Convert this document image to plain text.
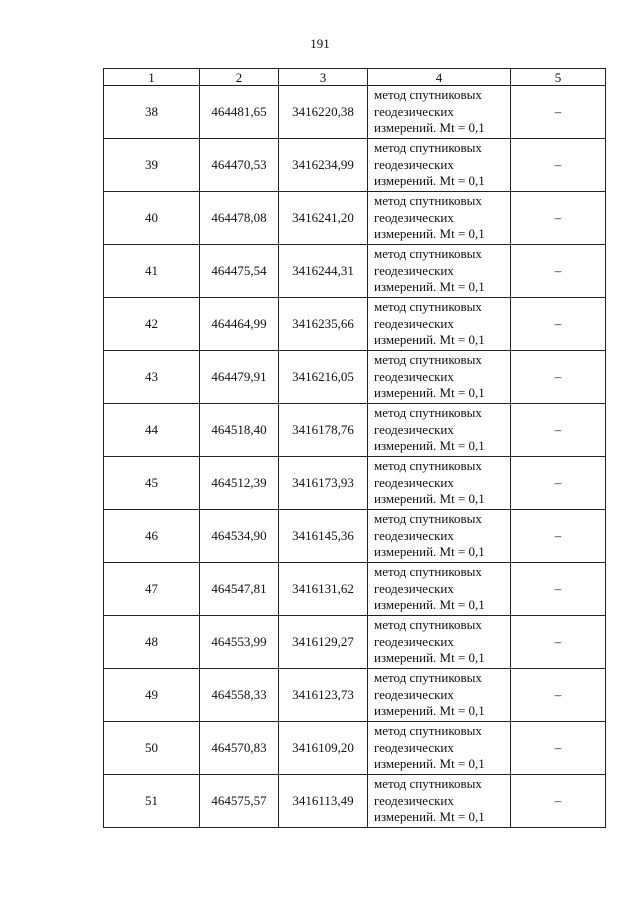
191
1	2	3	4	5
38	464481,65	3416220,38	метод спутниковых
геодезических
измерений. Mt = 0,1	–
39	464470,53	3416234,99	метод спутниковых
геодезических
измерений. Mt = 0,1	–
40	464478,08	3416241,20	метод спутниковых
геодезических
измерений. Mt = 0,1	–
41	464475,54	3416244,31	метод спутниковых
геодезических
измерений. Mt = 0,1	–
42	464464,99	3416235,66	метод спутниковых
геодезических
измерений. Mt = 0,1	–
43	464479,91	3416216,05	метод спутниковых
геодезических
измерений. Mt = 0,1	–
44	464518,40	3416178,76	метод спутниковых
геодезических
измерений. Mt = 0,1	–
45	464512,39	3416173,93	метод спутниковых
геодезических
измерений. Mt = 0,1	–
46	464534,90	3416145,36	метод спутниковых
геодезических
измерений. Mt = 0,1	–
47	464547,81	3416131,62	метод спутниковых
геодезических
измерений. Mt = 0,1	–
48	464553,99	3416129,27	метод спутниковых
геодезических
измерений. Mt = 0,1	–
49	464558,33	3416123,73	метод спутниковых
геодезических
измерений. Mt = 0,1	–
50	464570,83	3416109,20	метод спутниковых
геодезических
измерений. Mt = 0,1	–
51	464575,57	3416113,49	метод спутниковых
геодезических
измерений. Mt = 0,1	–
